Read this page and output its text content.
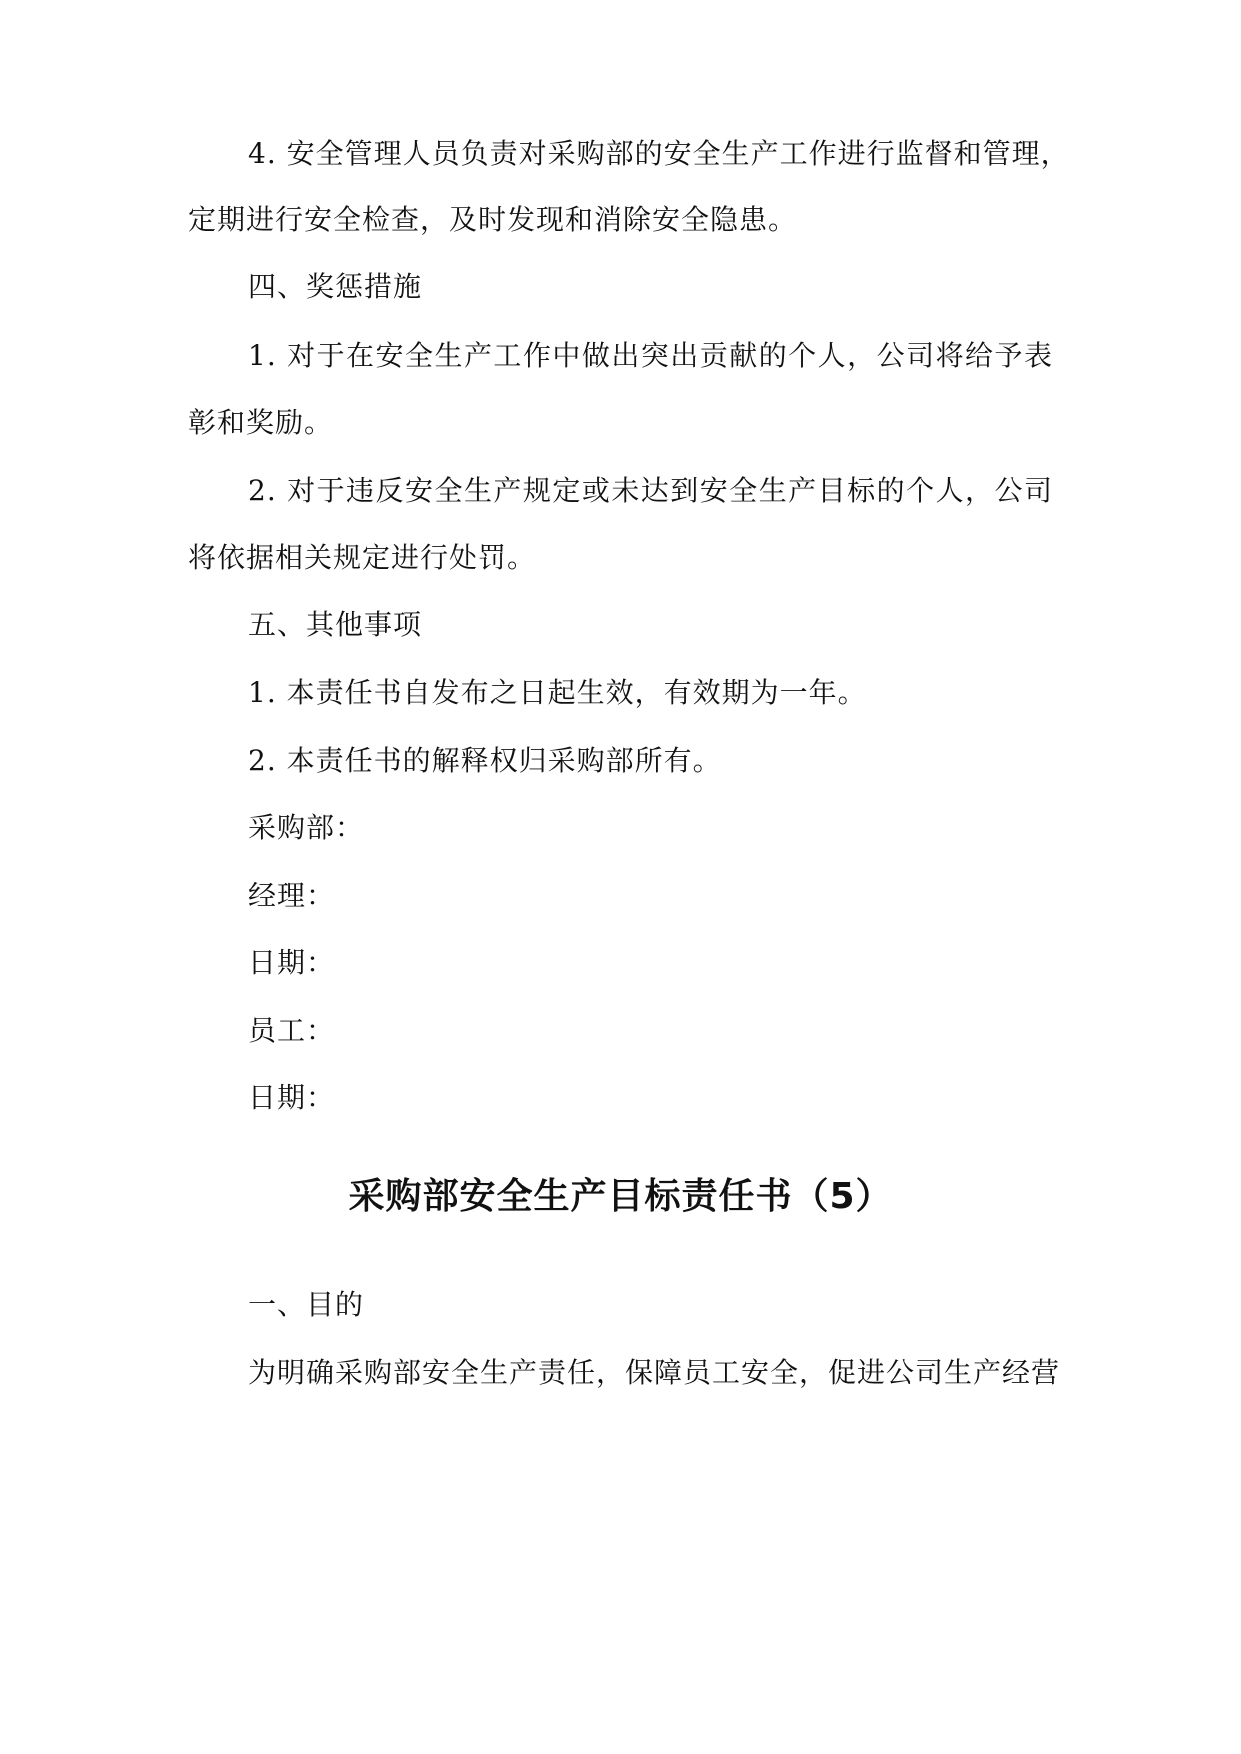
4. 安全管理人员负责对采购部的安全生产工作进行监督和管理，
定期进行安全检查，及时发现和消除安全隐患。
四、奖惩措施
1. 对于在安全生产工作中做出突出贡献的个人，公司将给予表
彰和奖励。
2. 对于违反安全生产规定或未达到安全生产目标的个人，公司
将依据相关规定进行处罚。
五、其他事项
1. 本责任书自发布之日起生效，有效期为一年。
2. 本责任书的解释权归采购部所有。
采购部：
经理：
日期：
员工：
日期：
采购部安全生产目标责任书（5）
一、目的
为明确采购部安全生产责任，保障员工安全，促进公司生产经营
